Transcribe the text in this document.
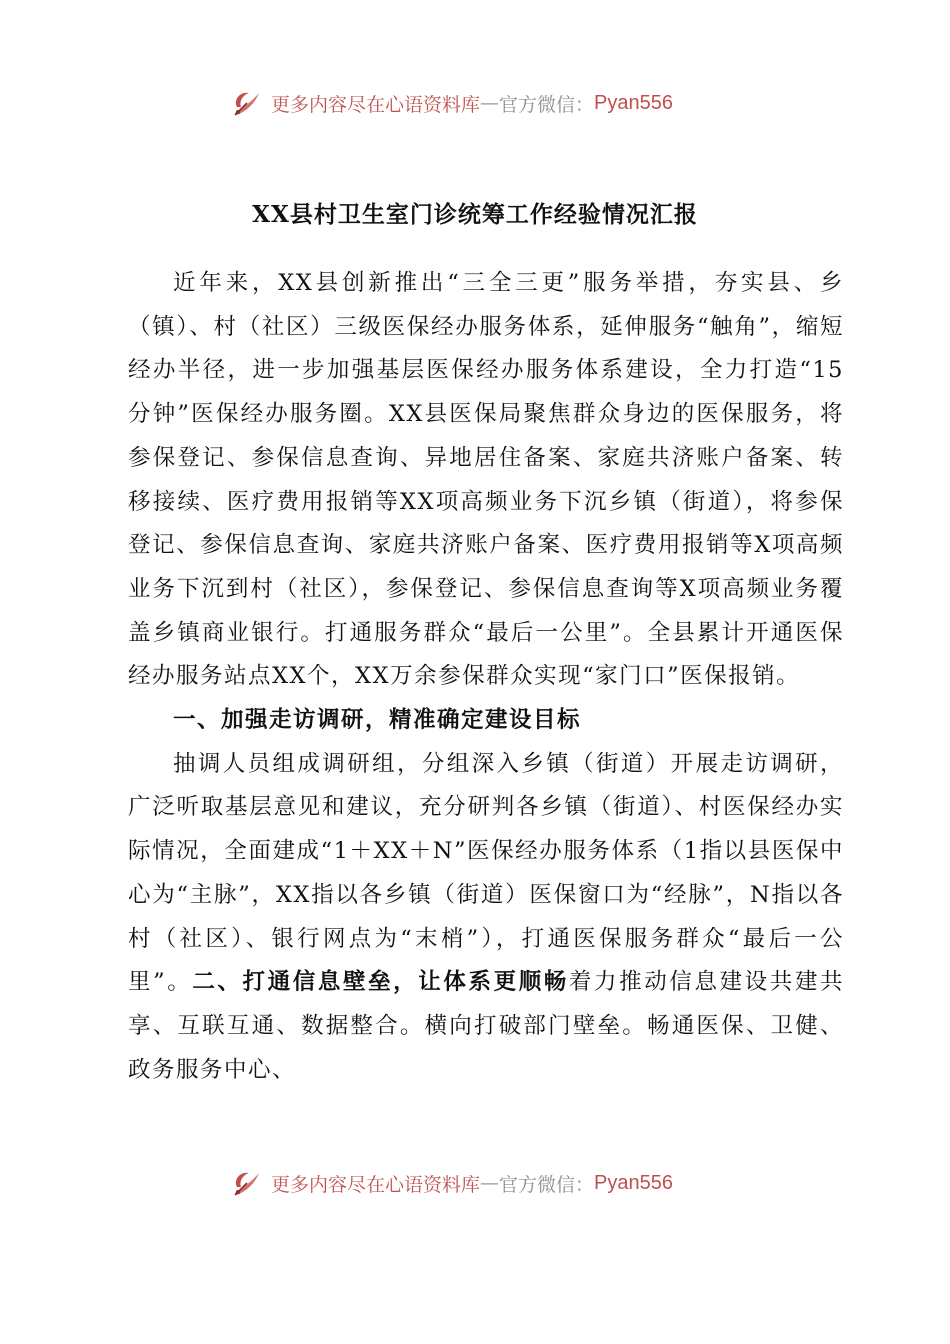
更多内容尽在心语资料库 — 官方微信： Pyan556
XX县村卫生室门诊统筹工作经验情况汇报

近年来，XX县创新推出“三全三更”服务举措，夯实县、乡（镇）、村（社区）三级医保经办服务体系，延伸服务“触角”，缩短经办半径，进一步加强基层医保经办服务体系建设，全力打造“15分钟”医保经办服务圈。XX县医保局聚焦群众身边的医保服务，将参保登记、参保信息查询、异地居住备案、家庭共济账户备案、转移接续、医疗费用报销等XX项高频业务下沉乡镇（街道），将参保登记、参保信息查询、家庭共济账户备案、医疗费用报销等X项高频业务下沉到村（社区），参保登记、参保信息查询等X项高频业务覆盖乡镇商业银行。打通服务群众“最后一公里”。全县累计开通医保经办服务站点XX个，XX万余参保群众实现“家门口”医保报销。

一、加强走访调研，精准确定建设目标

抽调人员组成调研组，分组深入乡镇（街道）开展走访调研，广泛听取基层意见和建议，充分研判各乡镇（街道）、村医保经办实际情况，全面建成“1＋XX＋N”医保经办服务体系（1指以县医保中心为“主脉”，XX指以各乡镇（街道）医保窗口为“经脉”，N指以各村（社区）、银行网点为“末梢”），打通医保服务群众“最后一公里”。二、打通信息壁垒，让体系更顺畅着力推动信息建设共建共享、互联互通、数据整合。横向打破部门壁垒。畅通医保、卫健、政务服务中心、

更多内容尽在心语资料库 — 官方微信： Pyan556
